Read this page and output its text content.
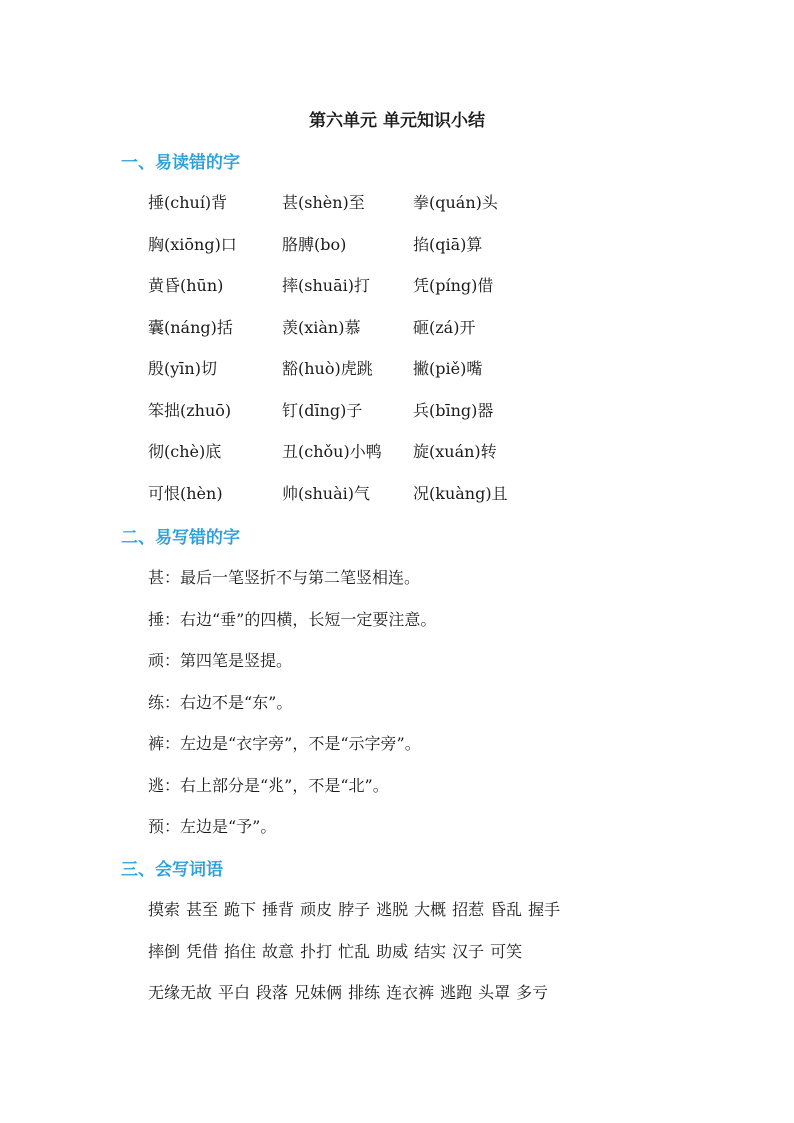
第六单元 单元知识小结
一、易读错的字
捶(chuí)背	甚(shèn)至	拳(quán)头
胸(xiōng)口	胳膊(bo)	掐(qiā)算
黄昏(hūn)	摔(shuāi)打	凭(píng)借
囊(náng)括	羡(xiàn)慕	砸(zá)开
殷(yīn)切	豁(huò)虎跳	撇(piě)嘴
笨拙(zhuō)	钉(dīng)子	兵(bīng)器
彻(chè)底	丑(chǒu)小鸭 旋(xuán)转
可恨(hèn)	帅(shuài)气	况(kuàng)且
二、易写错的字
甚：最后一笔竖折不与第二笔竖相连。
捶：右边“垂”的四横，长短一定要注意。
顽：第四笔是竖提。
练：右边不是“东”。
裤：左边是“衣字旁”，不是“示字旁”。
逃：右上部分是“兆”，不是“北”。
预：左边是“予”。
三、会写词语
摸索 甚至 跪下 捶背 顽皮 脖子 逃脱 大概 招惹 昏乱 握手
摔倒 凭借 掐住 故意 扑打 忙乱 助威 结实 汉子 可笑
无缘无故 平白 段落 兄妹俩 排练 连衣裤 逃跑 头罩 多亏
